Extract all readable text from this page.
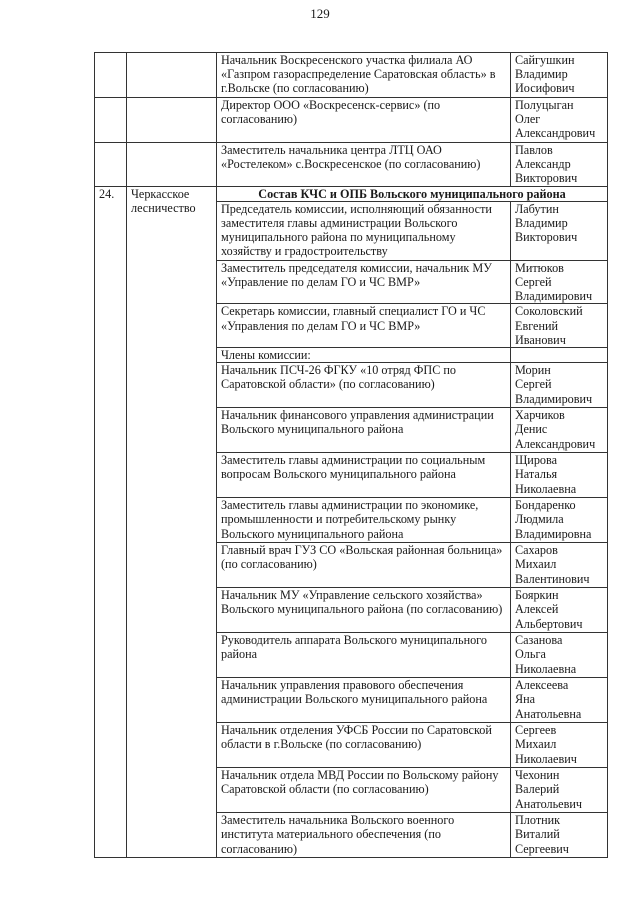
129
		Начальник Воскресенского участка филиала АО «Газпром газораспределение Саратовская область» в г.Вольске (по согласованию)	Сайгушкин
Владимир
Иосифович

		Директор ООО «Воскресенск-сервис» (по согласованию)	Полуцыган
Олег
Александрович

		Заместитель начальника центра ЛТЦ ОАО «Ростелеком» с.Воскресенское (по согласованию)	Павлов
Александр
Викторович

24.	Черкасское лесничество	Состав КЧС и ОПБ Вольского муниципального района	

		Председатель комиссии, исполняющий обязанности заместителя главы администрации Вольского муниципального района по муниципальному хозяйству и градостроительству	Лабутин
Владимир
Викторович

		Заместитель председателя комиссии, начальник МУ «Управление по делам ГО и ЧС ВМР»	Митюков
Сергей
Владимирович

		Секретарь комиссии, главный специалист ГО и ЧС «Управления по делам ГО и ЧС ВМР»	Соколовский
Евгений
Иванович

		Члены комиссии:	

		Начальник ПСЧ-26 ФГКУ «10 отряд ФПС по Саратовской области» (по согласованию)	Морин
Сергей
Владимирович

		Начальник финансового управления администрации Вольского муниципального района	Харчиков
Денис
Александрович

		Заместитель главы администрации по социальным вопросам Вольского муниципального района	Щирова
Наталья
Николаевна

		Заместитель главы администрации по экономике, промышленности и потребительскому рынку Вольского муниципального района	Бондаренко
Людмила
Владимировна

		Главный врач ГУЗ СО «Вольская районная больница» (по согласованию)	Сахаров
Михаил
Валентинович

		Начальник МУ «Управление сельского хозяйства» Вольского муниципального района (по согласованию)	Бояркин
Алексей
Альбертович

		Руководитель аппарата Вольского муниципального района	Сазанова
Ольга
Николаевна

		Начальник управления правового обеспечения администрации Вольского муниципального района	Алексеева
Яна
Анатольевна

		Начальник отделения УФСБ России по Саратовской области в г.Вольске (по согласованию)	Сергеев
Михаил
Николаевич

		Начальник отдела МВД России по Вольскому району Саратовской области (по согласованию)	Чехонин
Валерий
Анатольевич

		Заместитель начальника Вольского военного института материального обеспечения (по согласованию)	Плотник
Виталий
Сергеевич
